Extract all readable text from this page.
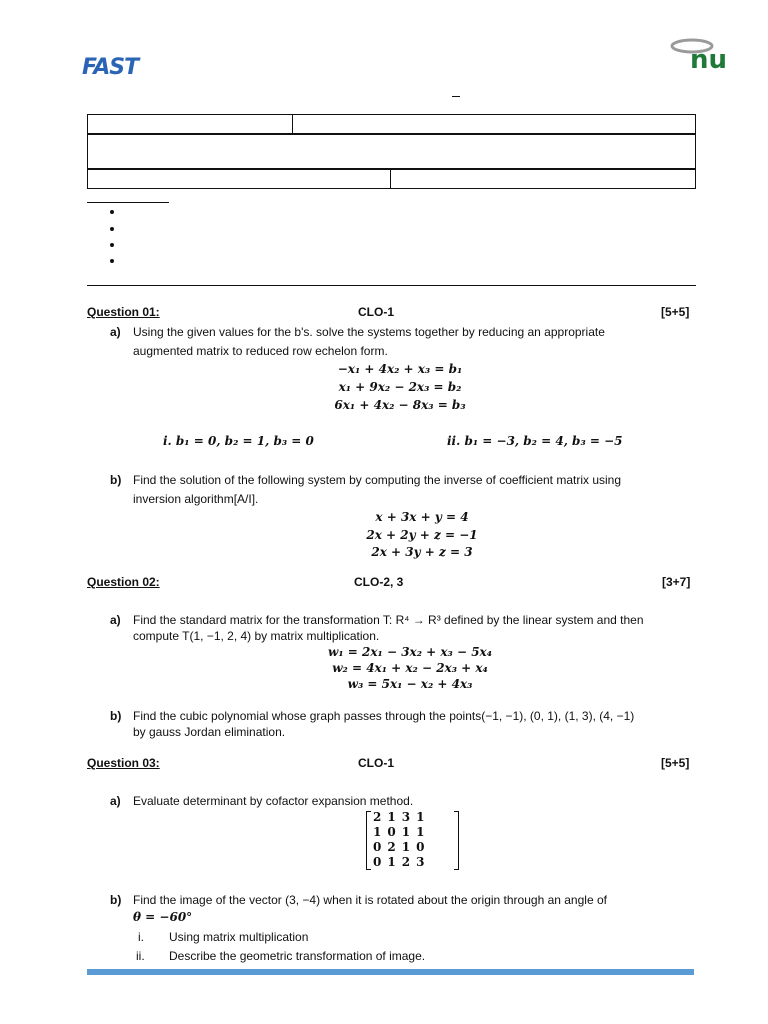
FAST	nu
Question 01:	CLO-1	[5+5]
a) Using the given values for the b's. solve the systems together by reducing an appropriate
augmented matrix to reduced row echelon form.
−x₁ + 4x₂ + x₃ = b₁
x₁ + 9x₂ − 2x₃ = b₂
6x₁ + 4x₂ − 8x₃ = b₃
i. b₁ = 0, b₂ = 1, b₃ = 0	ii. b₁ = −3, b₂ = 4, b₃ = −5
b) Find the solution of the following system by computing the inverse of coefficient matrix using
inversion algorithm[A/I].
x + 3x + y = 4
2x + 2y + z = −1
2x + 3y + z = 3
Question 02:	CLO-2, 3	[3+7]
a) Find the standard matrix for the transformation T: R⁴ → R³ defined by the linear system and then
compute T(1, −1, 2, 4) by matrix multiplication.
w₁ = 2x₁ − 3x₂ + x₃ − 5x₄
w₂ = 4x₁ + x₂ − 2x₃ + x₄
w₃ = 5x₁ − x₂ + 4x₃
b) Find the cubic polynomial whose graph passes through the points(−1, −1), (0, 1), (1, 3), (4, −1)
by gauss Jordan elimination.
Question 03:	CLO-1	[5+5]
a) Evaluate determinant by cofactor expansion method.
2	1	3	1
1	0	1	1
0	2	1	0
0	1	2	3
b) Find the image of the vector (3, −4) when it is rotated about the origin through an angle of
θ = −60°
i. Using matrix multiplication
ii. Describe the geometric transformation of image.
